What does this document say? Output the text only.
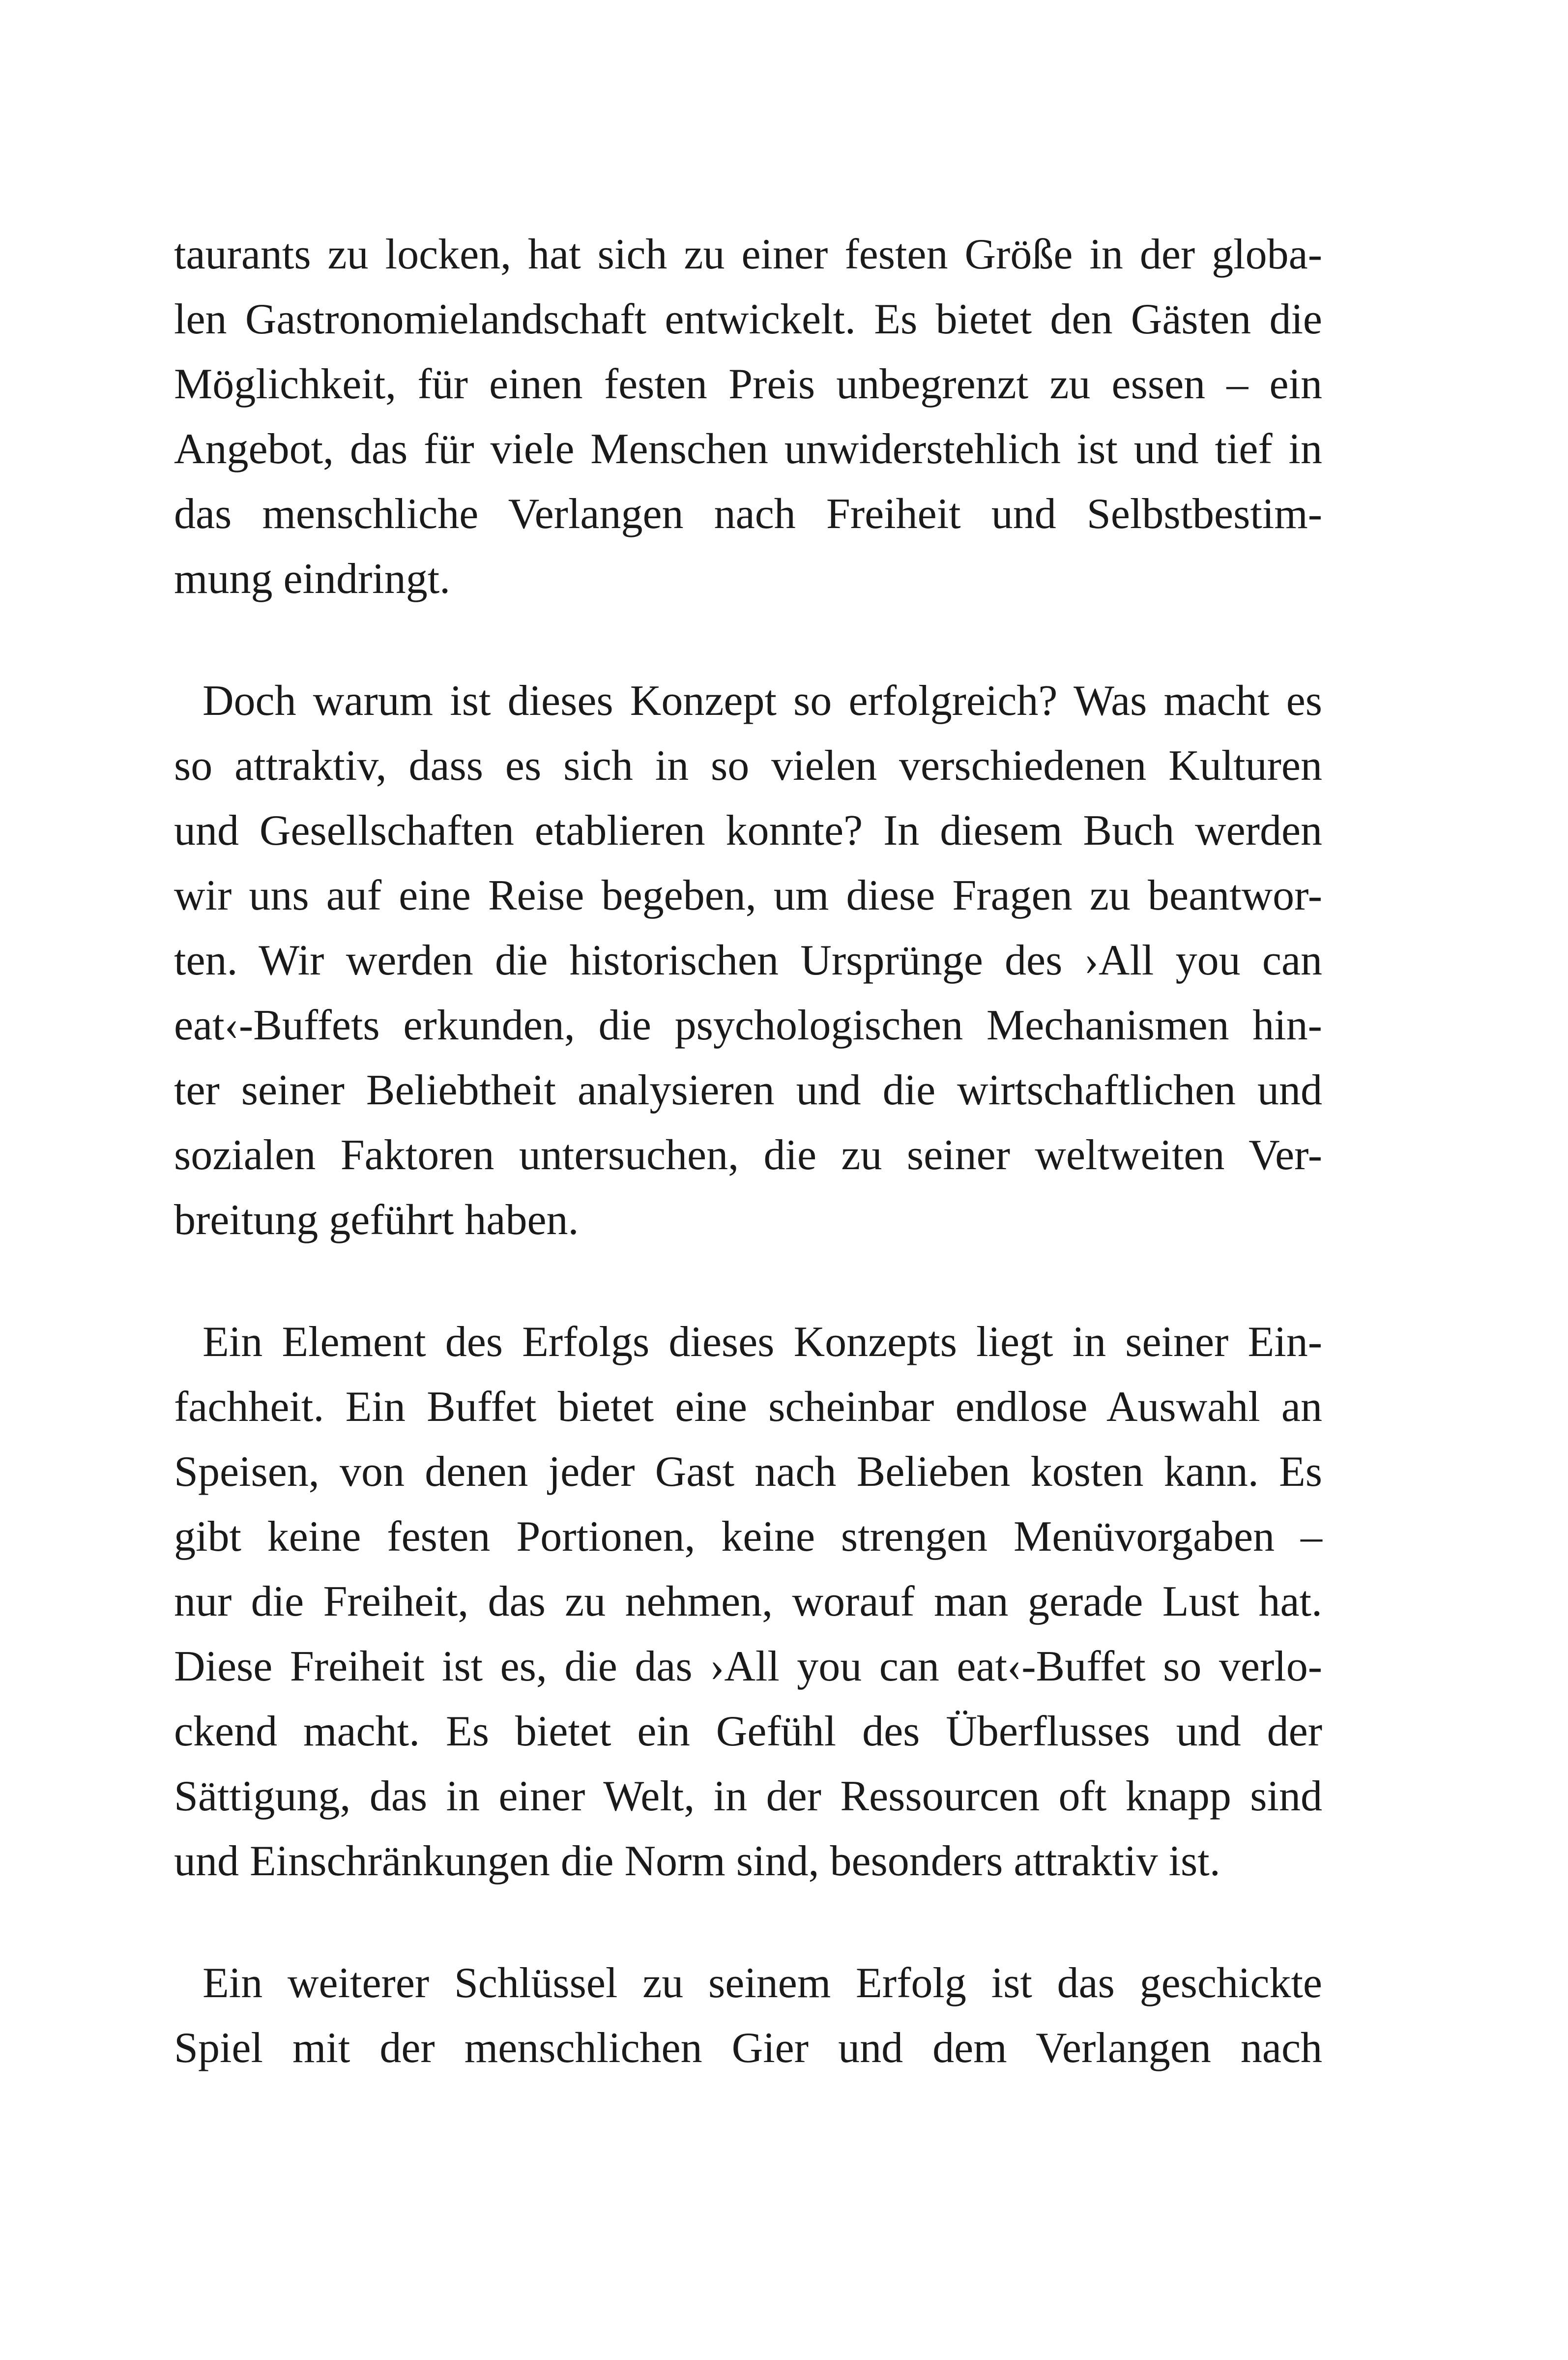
taurants zu locken, hat sich zu einer festen Größe in der globa-
len Gastronomielandschaft entwickelt. Es bietet den Gästen die
Möglichkeit, für einen festen Preis unbegrenzt zu essen – ein
Angebot, das für viele Menschen unwiderstehlich ist und tief in
das menschliche Verlangen nach Freiheit und Selbstbestim-
mung eindringt.
Doch warum ist dieses Konzept so erfolgreich? Was macht es
so attraktiv, dass es sich in so vielen verschiedenen Kulturen
und Gesellschaften etablieren konnte? In diesem Buch werden
wir uns auf eine Reise begeben, um diese Fragen zu beantwor-
ten. Wir werden die historischen Ursprünge des ›All you can
eat‹-Buffets erkunden, die psychologischen Mechanismen hin-
ter seiner Beliebtheit analysieren und die wirtschaftlichen und
sozialen Faktoren untersuchen, die zu seiner weltweiten Ver-
breitung geführt haben.
Ein Element des Erfolgs dieses Konzepts liegt in seiner Ein-
fachheit. Ein Buffet bietet eine scheinbar endlose Auswahl an
Speisen, von denen jeder Gast nach Belieben kosten kann. Es
gibt keine festen Portionen, keine strengen Menüvorgaben –
nur die Freiheit, das zu nehmen, worauf man gerade Lust hat.
Diese Freiheit ist es, die das ›All you can eat‹-Buffet so verlo-
ckend macht. Es bietet ein Gefühl des Überflusses und der
Sättigung, das in einer Welt, in der Ressourcen oft knapp sind
und Einschränkungen die Norm sind, besonders attraktiv ist.
Ein weiterer Schlüssel zu seinem Erfolg ist das geschickte
Spiel mit der menschlichen Gier und dem Verlangen nach
